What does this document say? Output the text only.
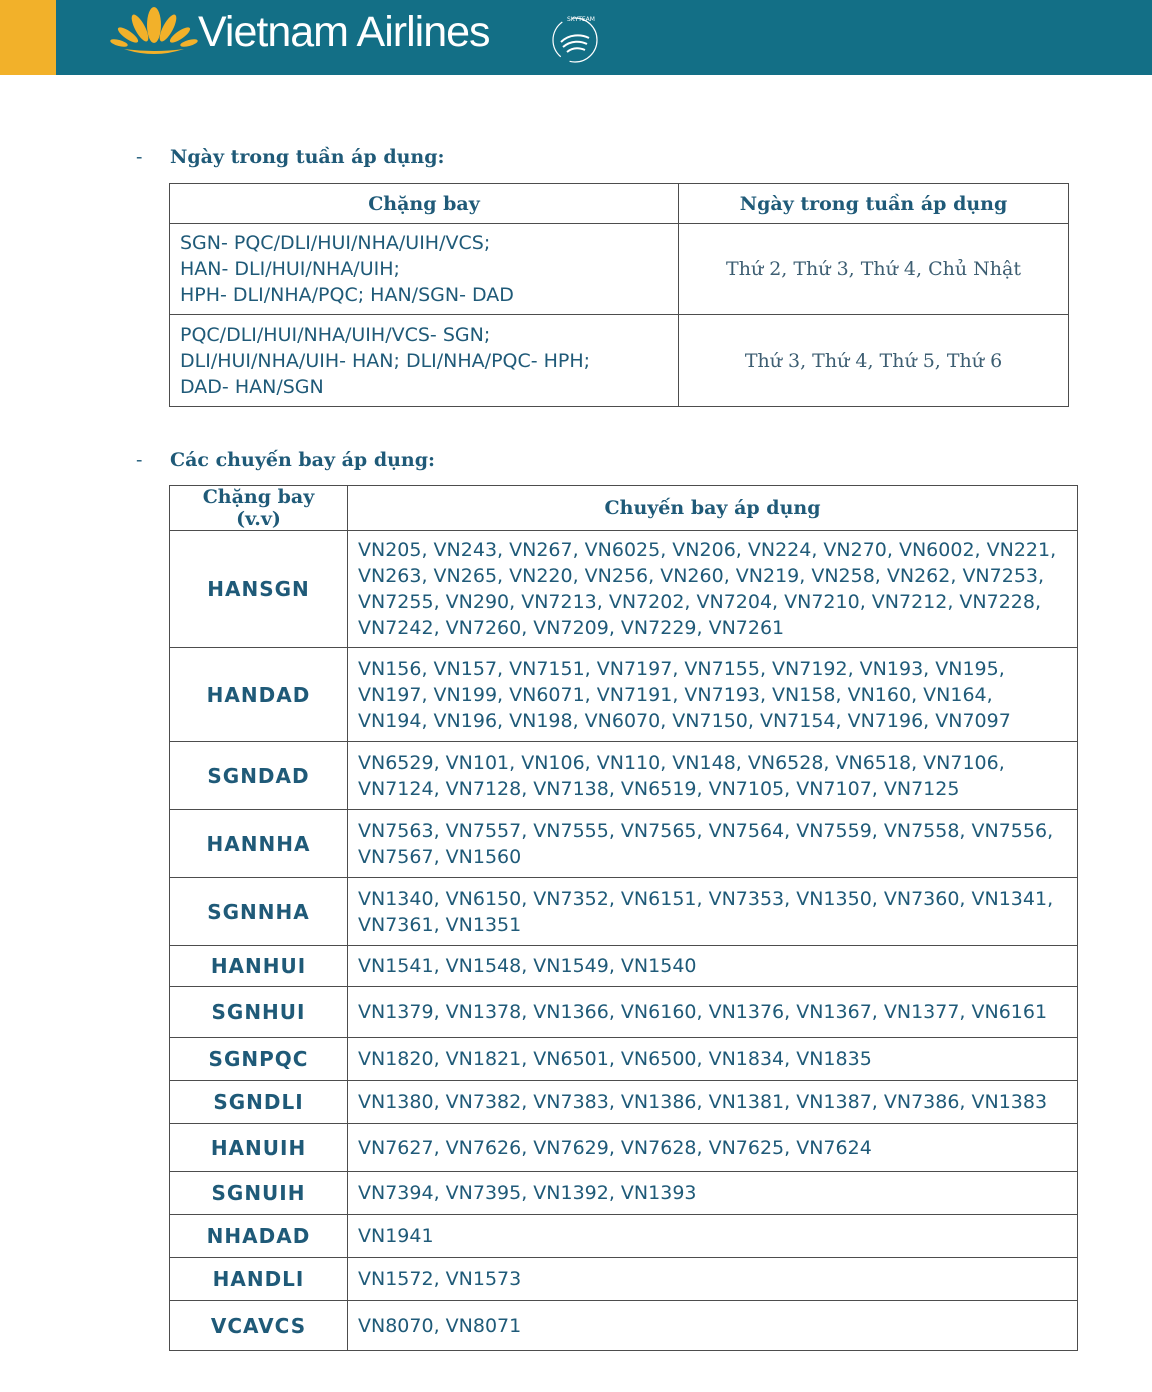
Vietnam Airlines	SKYTEAM
- Ngày trong tuần áp dụng:
Chặng bay	Ngày trong tuần áp dụng
SGN- PQC/DLI/HUI/NHA/UIH/VCS;
HAN- DLI/HUI/NHA/UIH;
HPH- DLI/NHA/PQC; HAN/SGN- DAD	Thứ 2, Thứ 3, Thứ 4, Chủ Nhật
PQC/DLI/HUI/NHA/UIH/VCS- SGN;
DLI/HUI/NHA/UIH- HAN; DLI/NHA/PQC- HPH;
DAD- HAN/SGN	Thứ 3, Thứ 4, Thứ 5, Thứ 6
- Các chuyến bay áp dụng:
Chặng bay (v.v)	Chuyến bay áp dụng
HANSGN	VN205, VN243, VN267, VN6025, VN206, VN224, VN270, VN6002, VN221, VN263, VN265, VN220, VN256, VN260, VN219, VN258, VN262, VN7253, VN7255, VN290, VN7213, VN7202, VN7204, VN7210, VN7212, VN7228, VN7242, VN7260, VN7209, VN7229, VN7261
HANDAD	VN156, VN157, VN7151, VN7197, VN7155, VN7192, VN193, VN195, VN197, VN199, VN6071, VN7191, VN7193, VN158, VN160, VN164, VN194, VN196, VN198, VN6070, VN7150, VN7154, VN7196, VN7097
SGNDAD	VN6529, VN101, VN106, VN110, VN148, VN6528, VN6518, VN7106, VN7124, VN7128, VN7138, VN6519, VN7105, VN7107, VN7125
HANNHA	VN7563, VN7557, VN7555, VN7565, VN7564, VN7559, VN7558, VN7556, VN7567, VN1560
SGNNHA	VN1340, VN6150, VN7352, VN6151, VN7353, VN1350, VN7360, VN1341, VN7361, VN1351
HANHUI	VN1541, VN1548, VN1549, VN1540
SGNHUI	VN1379, VN1378, VN1366, VN6160, VN1376, VN1367, VN1377, VN6161
SGNPQC	VN1820, VN1821, VN6501, VN6500, VN1834, VN1835
SGNDLI	VN1380, VN7382, VN7383, VN1386, VN1381, VN1387, VN7386, VN1383
HANUIH	VN7627, VN7626, VN7629, VN7628, VN7625, VN7624
SGNUIH	VN7394, VN7395, VN1392, VN1393
NHADAD	VN1941
HANDLI	VN1572, VN1573
VCAVCS	VN8070, VN8071
